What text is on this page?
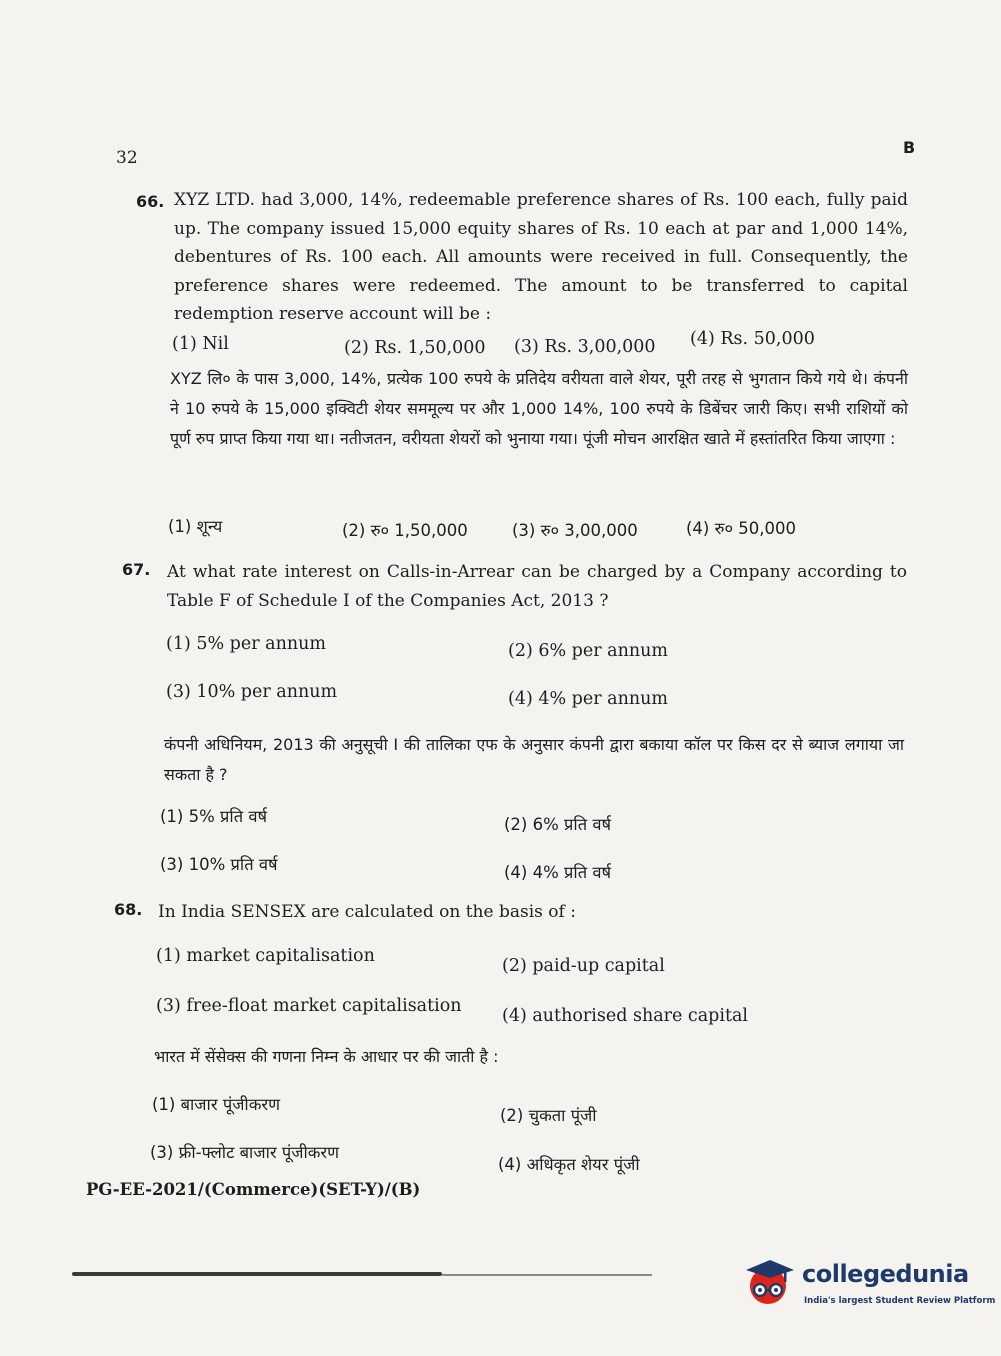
32
B
66. XYZ LTD. had 3,000, 14%, redeemable preference shares of Rs. 100 each, fully paid up. The company issued 15,000 equity shares of Rs. 10 each at par and 1,000 14%, debentures of Rs. 100 each. All amounts were received in full. Consequently, the preference shares were redeemed. The amount to be transferred to capital redemption reserve account will be :
(1) Nil	(2) Rs. 1,50,000 (3) Rs. 3,00,000 (4) Rs. 50,000
XYZ लि० के पास 3,000, 14%, प्रत्येक 100 रुपये के प्रतिदेय वरीयता वाले शेयर, पूरी तरह से भुगतान किये गये थे। कंपनी ने 10 रुपये के 15,000 इक्विटी शेयर सममूल्य पर और 1,000 14%, 100 रुपये के डिबेंचर जारी किए। सभी राशियों को पूर्ण रुप प्राप्त किया गया था। नतीजतन, वरीयता शेयरों को भुनाया गया। पूंजी मोचन आरक्षित खाते में हस्तांतरित किया जाएगा :
(1) शून्य	(2) रु० 1,50,000	(3) रु० 3,00,000	(4) रु० 50,000
67. At what rate interest on Calls-in-Arrear can be charged by a Company according to Table F of Schedule I of the Companies Act, 2013 ?
(1) 5% per annum	(2) 6% per annum
(3) 10% per annum	(4) 4% per annum
कंपनी अधिनियम, 2013 की अनुसूची I की तालिका एफ के अनुसार कंपनी द्वारा बकाया कॉल पर किस दर से ब्याज लगाया जा सकता है ?
(1) 5% प्रति वर्ष	(2) 6% प्रति वर्ष
(3) 10% प्रति वर्ष	(4) 4% प्रति वर्ष
68. In India SENSEX are calculated on the basis of :
(1) market capitalisation	(2) paid-up capital
(3) free-float market capitalisation (4) authorised share capital
भारत में सेंसेक्स की गणना निम्न के आधार पर की जाती है :
(1) बाजार पूंजीकरण
(2) चुकता पूंजी
(3) फ्री-फ्लोट बाजार पूंजीकरण
(4) अधिकृत शेयर पूंजी
PG-EE-2021/(Commerce)(SET-Y)/(B)
collegedunia
India's largest Student Review Platform
